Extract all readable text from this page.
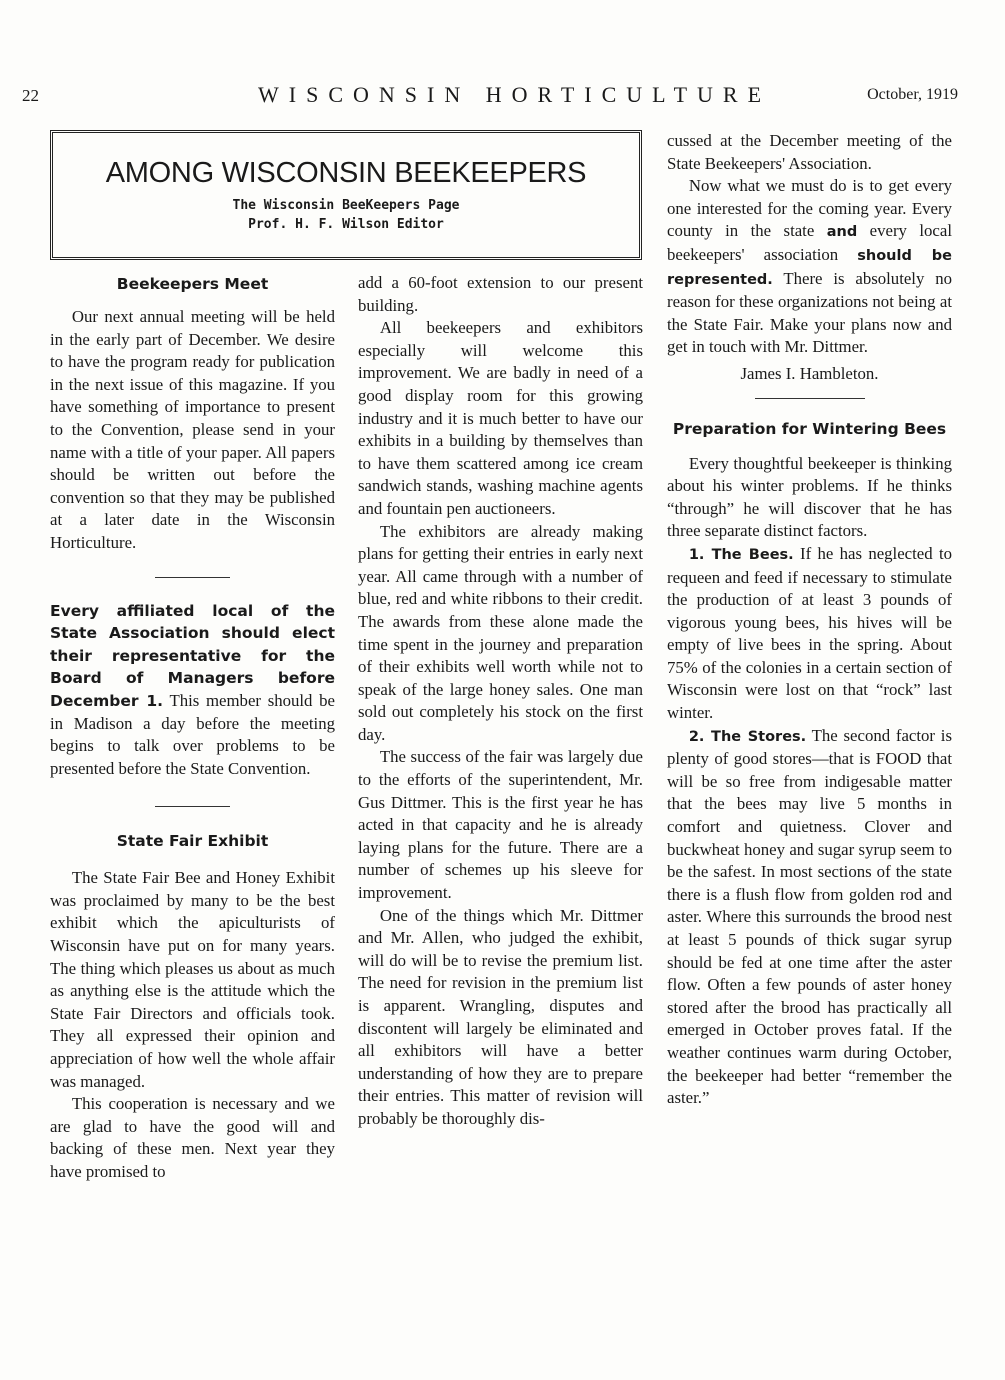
22	WISCONSIN HORTICULTURE	October, 1919
AMONG WISCONSIN BEEKEEPERS
The Wisconsin BeeKeepers Page
Prof. H. F. Wilson Editor
Beekeepers Meet

Our next annual meeting will be held in the early part of December. We desire to have the program ready for publication in the next issue of this magazine. If you have something of importance to present to the Convention, please send in your name with a title of your paper. All papers should be written out before the convention so that they may be published at a later date in the Wisconsin Horticulture.

Every affiliated local of the State Association should elect their representative for the Board of Managers before December 1. This member should be in Madison a day before the meeting begins to talk over problems to be presented before the State Convention.

State Fair Exhibit

The State Fair Bee and Honey Exhibit was proclaimed by many to be the best exhibit which the apiculturists of Wisconsin have put on for many years. The thing which pleases us about as much as anything else is the attitude which the State Fair Directors and officials took. They all expressed their opinion and appreciation of how well the whole affair was managed.

This cooperation is necessary and we are glad to have the good will and backing of these men. Next year they have promised to

add a 60-foot extension to our present building.

All beekeepers and exhibitors especially will welcome this improvement. We are badly in need of a good display room for this growing industry and it is much better to have our exhibits in a building by themselves than to have them scattered among ice cream sandwich stands, washing machine agents and fountain pen auctioneers.

The exhibitors are already making plans for getting their entries in early next year. All came through with a number of blue, red and white ribbons to their credit. The awards from these alone made the time spent in the journey and preparation of their exhibits well worth while not to speak of the large honey sales. One man sold out completely his stock on the first day.

The success of the fair was largely due to the efforts of the superintendent, Mr. Gus Dittmer. This is the first year he has acted in that capacity and he is already laying plans for the future. There are a number of schemes up his sleeve for improvement.

One of the things which Mr. Dittmer and Mr. Allen, who judged the exhibit, will do will be to revise the premium list. The need for revision in the premium list is apparent. Wrangling, disputes and discontent will largely be eliminated and all exhibitors will have a better understanding of how they are to prepare their entries. This matter of revision will probably be thoroughly dis-

cussed at the December meeting of the State Beekeepers' Association.

Now what we must do is to get every one interested for the coming year. Every county in the state and every local beekeepers' association should be represented. There is absolutely no reason for these organizations not being at the State Fair. Make your plans now and get in touch with Mr. Dittmer.

James I. Hambleton.

Preparation for Wintering Bees

Every thoughtful beekeeper is thinking about his winter problems. If he thinks “through” he will discover that he has three separate distinct factors.

1. The Bees. If he has neglected to requeen and feed if necessary to stimulate the production of at least 3 pounds of vigorous young bees, his hives will be empty of live bees in the spring. About 75% of the colonies in a certain section of Wisconsin were lost on that “rock” last winter.

2. The Stores. The second factor is plenty of good stores—that is FOOD that will be so free from indigesable matter that the bees may live 5 months in comfort and quietness. Clover and buckwheat honey and sugar syrup seem to be the safest. In most sections of the state there is a flush flow from golden rod and aster. Where this surrounds the brood nest at least 5 pounds of thick sugar syrup should be fed at one time after the aster flow. Often a few pounds of aster honey stored after the brood has practically all emerged in October proves fatal. If the weather continues warm during October, the beekeeper had better “remember the aster.”
